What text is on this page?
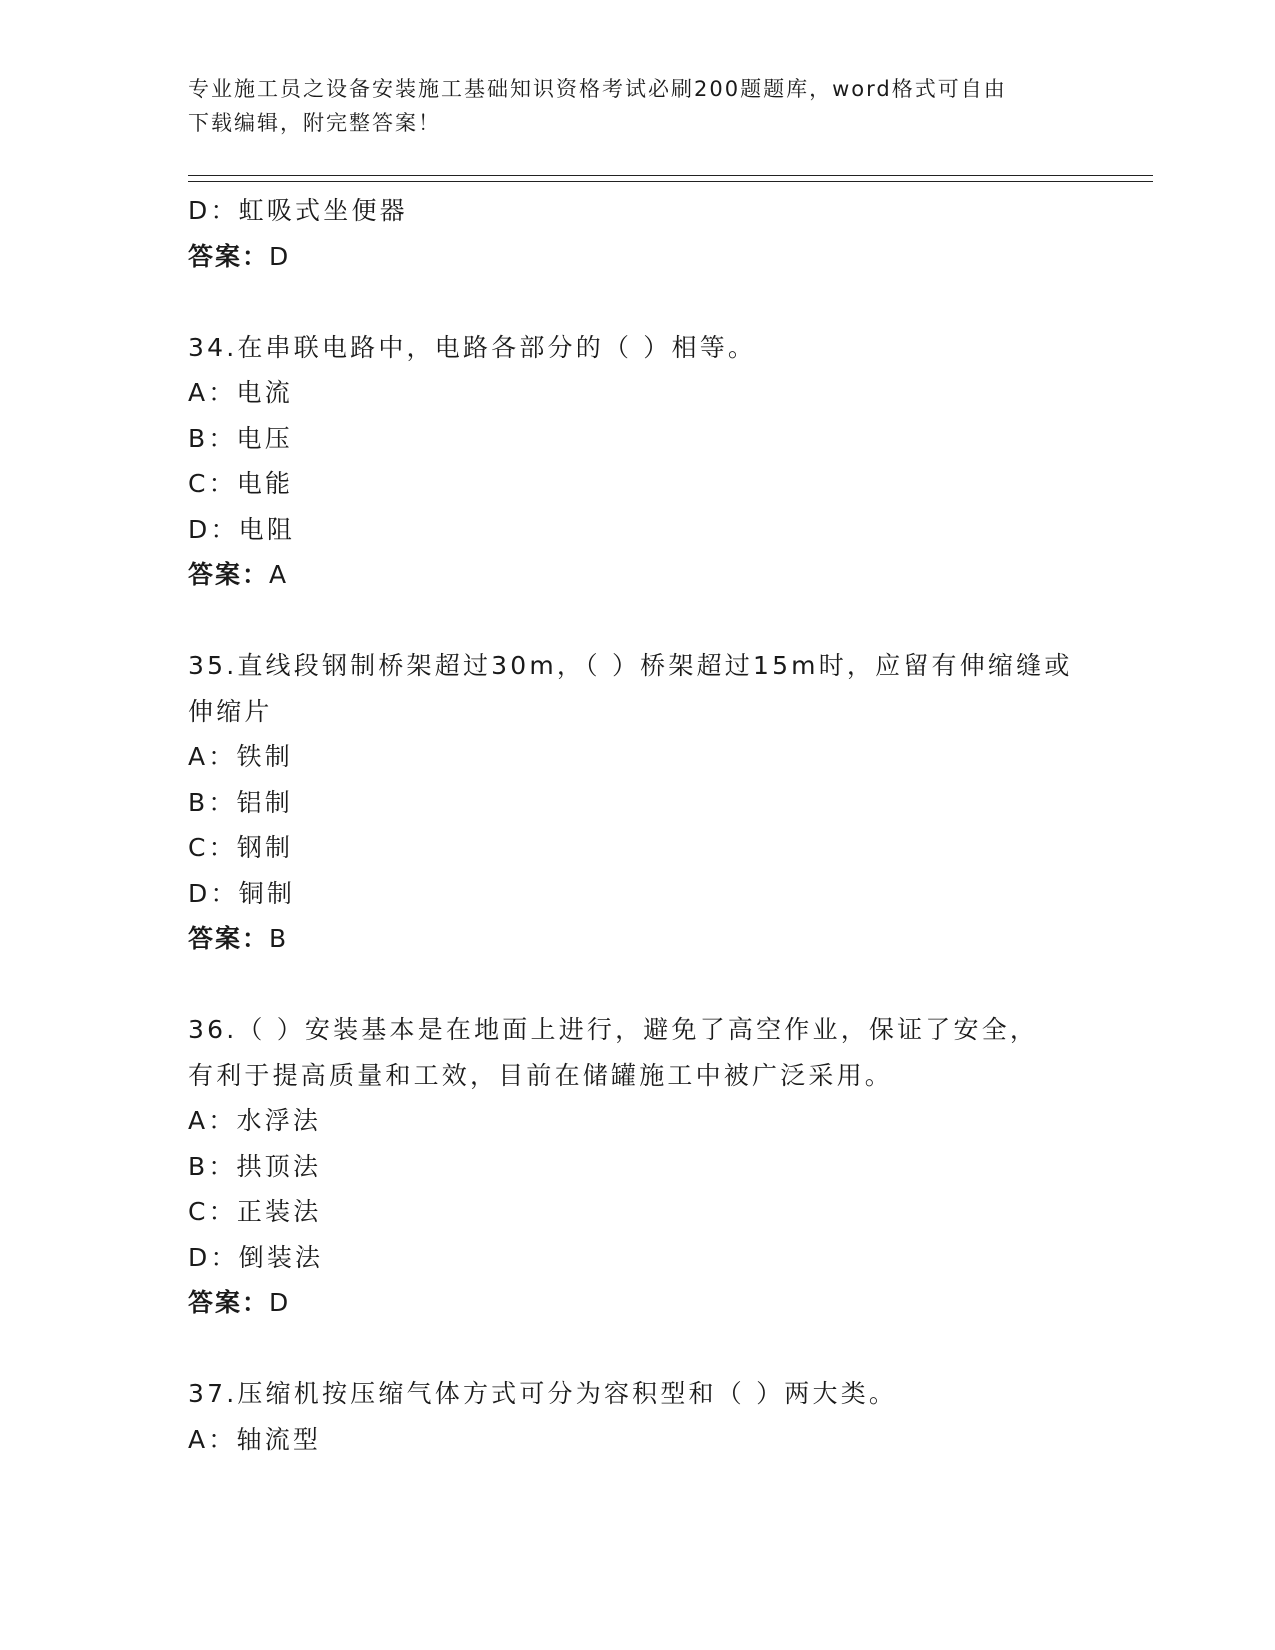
专业施工员之设备安装施工基础知识资格考试必刷200题题库，word格式可自由
下载编辑，附完整答案！
D：虹吸式坐便器
答案：D
34.在串联电路中，电路各部分的（ ）相等。
A：电流
B：电压
C：电能
D：电阻
答案：A
35.直线段钢制桥架超过30m，（ ）桥架超过15m时，应留有伸缩缝或
伸缩片
A：铁制
B：铝制
C：钢制
D：铜制
答案：B
36.（ ）安装基本是在地面上进行，避免了高空作业，保证了安全，
有利于提高质量和工效，目前在储罐施工中被广泛采用。
A：水浮法
B：拱顶法
C：正装法
D：倒装法
答案：D
37.压缩机按压缩气体方式可分为容积型和（ ）两大类。
A：轴流型
